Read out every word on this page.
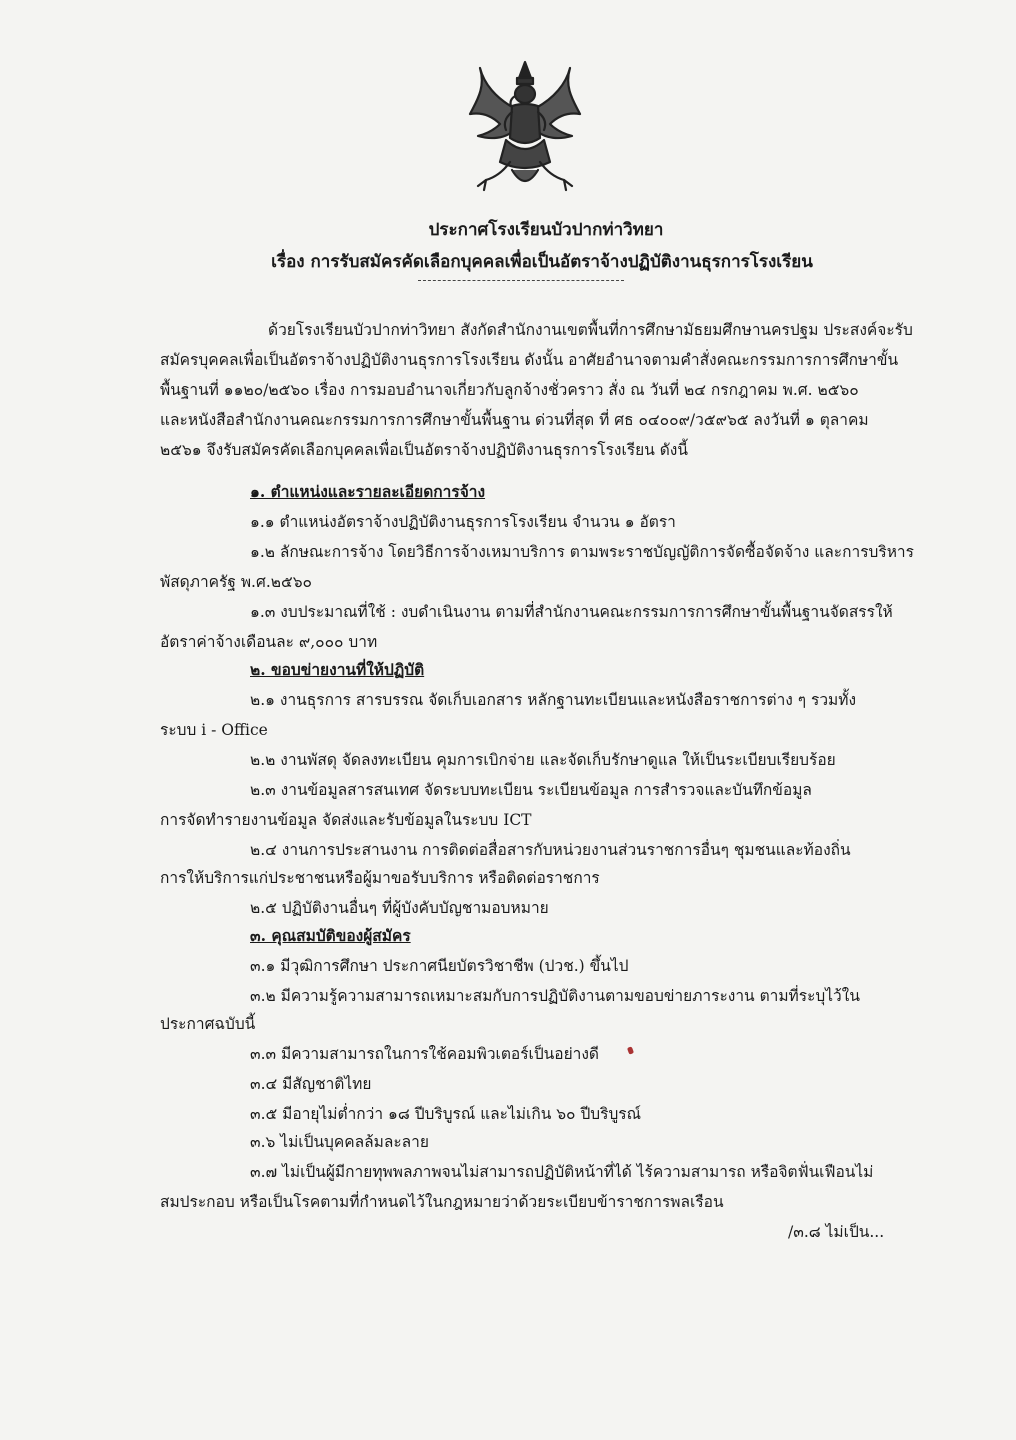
ประกาศโรงเรียนบัวปากท่าวิทยา
เรื่อง การรับสมัครคัดเลือกบุคคลเพื่อเป็นอัตราจ้างปฏิบัติงานธุรการโรงเรียน
ด้วยโรงเรียนบัวปากท่าวิทยา สังกัดสำนักงานเขตพื้นที่การศึกษามัธยมศึกษานครปฐม ประสงค์จะรับ
สมัครบุคคลเพื่อเป็นอัตราจ้างปฏิบัติงานธุรการโรงเรียน ดังนั้น อาศัยอำนาจตามคำสั่งคณะกรรมการการศึกษาขั้น
พื้นฐานที่ ๑๑๒๐/๒๕๖๐ เรื่อง การมอบอำนาจเกี่ยวกับลูกจ้างชั่วคราว สั่ง ณ วันที่ ๒๔ กรกฎาคม พ.ศ. ๒๕๖๐
และหนังสือสำนักงานคณะกรรมการการศึกษาขั้นพื้นฐาน ด่วนที่สุด ที่ ศธ ๐๔๐๐๙/ว๕๙๖๕ ลงวันที่ ๑ ตุลาคม
๒๕๖๑ จึงรับสมัครคัดเลือกบุคคลเพื่อเป็นอัตราจ้างปฏิบัติงานธุรการโรงเรียน ดังนี้
๑. ตำแหน่งและรายละเอียดการจ้าง
๑.๑ ตำแหน่งอัตราจ้างปฏิบัติงานธุรการโรงเรียน จำนวน ๑ อัตรา
๑.๒ ลักษณะการจ้าง โดยวิธีการจ้างเหมาบริการ ตามพระราชบัญญัติการจัดซื้อจัดจ้าง และการบริหาร
พัสดุภาครัฐ พ.ศ.๒๕๖๐
๑.๓ งบประมาณที่ใช้ : งบดำเนินงาน ตามที่สำนักงานคณะกรรมการการศึกษาขั้นพื้นฐานจัดสรรให้
อัตราค่าจ้างเดือนละ ๙,๐๐๐ บาท
๒. ขอบข่ายงานที่ให้ปฏิบัติ
๒.๑ งานธุรการ สารบรรณ จัดเก็บเอกสาร หลักฐานทะเบียนและหนังสือราชการต่าง ๆ รวมทั้ง
ระบบ i - Office
๒.๒ งานพัสดุ จัดลงทะเบียน คุมการเบิกจ่าย และจัดเก็บรักษาดูแล ให้เป็นระเบียบเรียบร้อย
๒.๓ งานข้อมูลสารสนเทศ จัดระบบทะเบียน ระเบียนข้อมูล การสำรวจและบันทึกข้อมูล
การจัดทำรายงานข้อมูล จัดส่งและรับข้อมูลในระบบ ICT
๒.๔ งานการประสานงาน การติดต่อสื่อสารกับหน่วยงานส่วนราชการอื่นๆ ชุมชนและท้องถิ่น
การให้บริการแก่ประชาชนหรือผู้มาขอรับบริการ หรือติดต่อราชการ
๒.๕ ปฏิบัติงานอื่นๆ ที่ผู้บังคับบัญชามอบหมาย
๓. คุณสมบัติของผู้สมัคร
๓.๑ มีวุฒิการศึกษา ประกาศนียบัตรวิชาชีพ (ปวช.) ขึ้นไป
๓.๒ มีความรู้ความสามารถเหมาะสมกับการปฏิบัติงานตามขอบข่ายภาระงาน ตามที่ระบุไว้ใน
ประกาศฉบับนี้
๓.๓ มีความสามารถในการใช้คอมพิวเตอร์เป็นอย่างดี
๓.๔ มีสัญชาติไทย
๓.๕ มีอายุไม่ต่ำกว่า ๑๘ ปีบริบูรณ์ และไม่เกิน ๖๐ ปีบริบูรณ์
๓.๖ ไม่เป็นบุคคลล้มละลาย
๓.๗ ไม่เป็นผู้มีกายทุพพลภาพจนไม่สามารถปฏิบัติหน้าที่ได้ ไร้ความสามารถ หรือจิตฟั่นเฟือนไม่
สมประกอบ หรือเป็นโรคตามที่กำหนดไว้ในกฎหมายว่าด้วยระเบียบข้าราชการพลเรือน
/๓.๘ ไม่เป็น...
